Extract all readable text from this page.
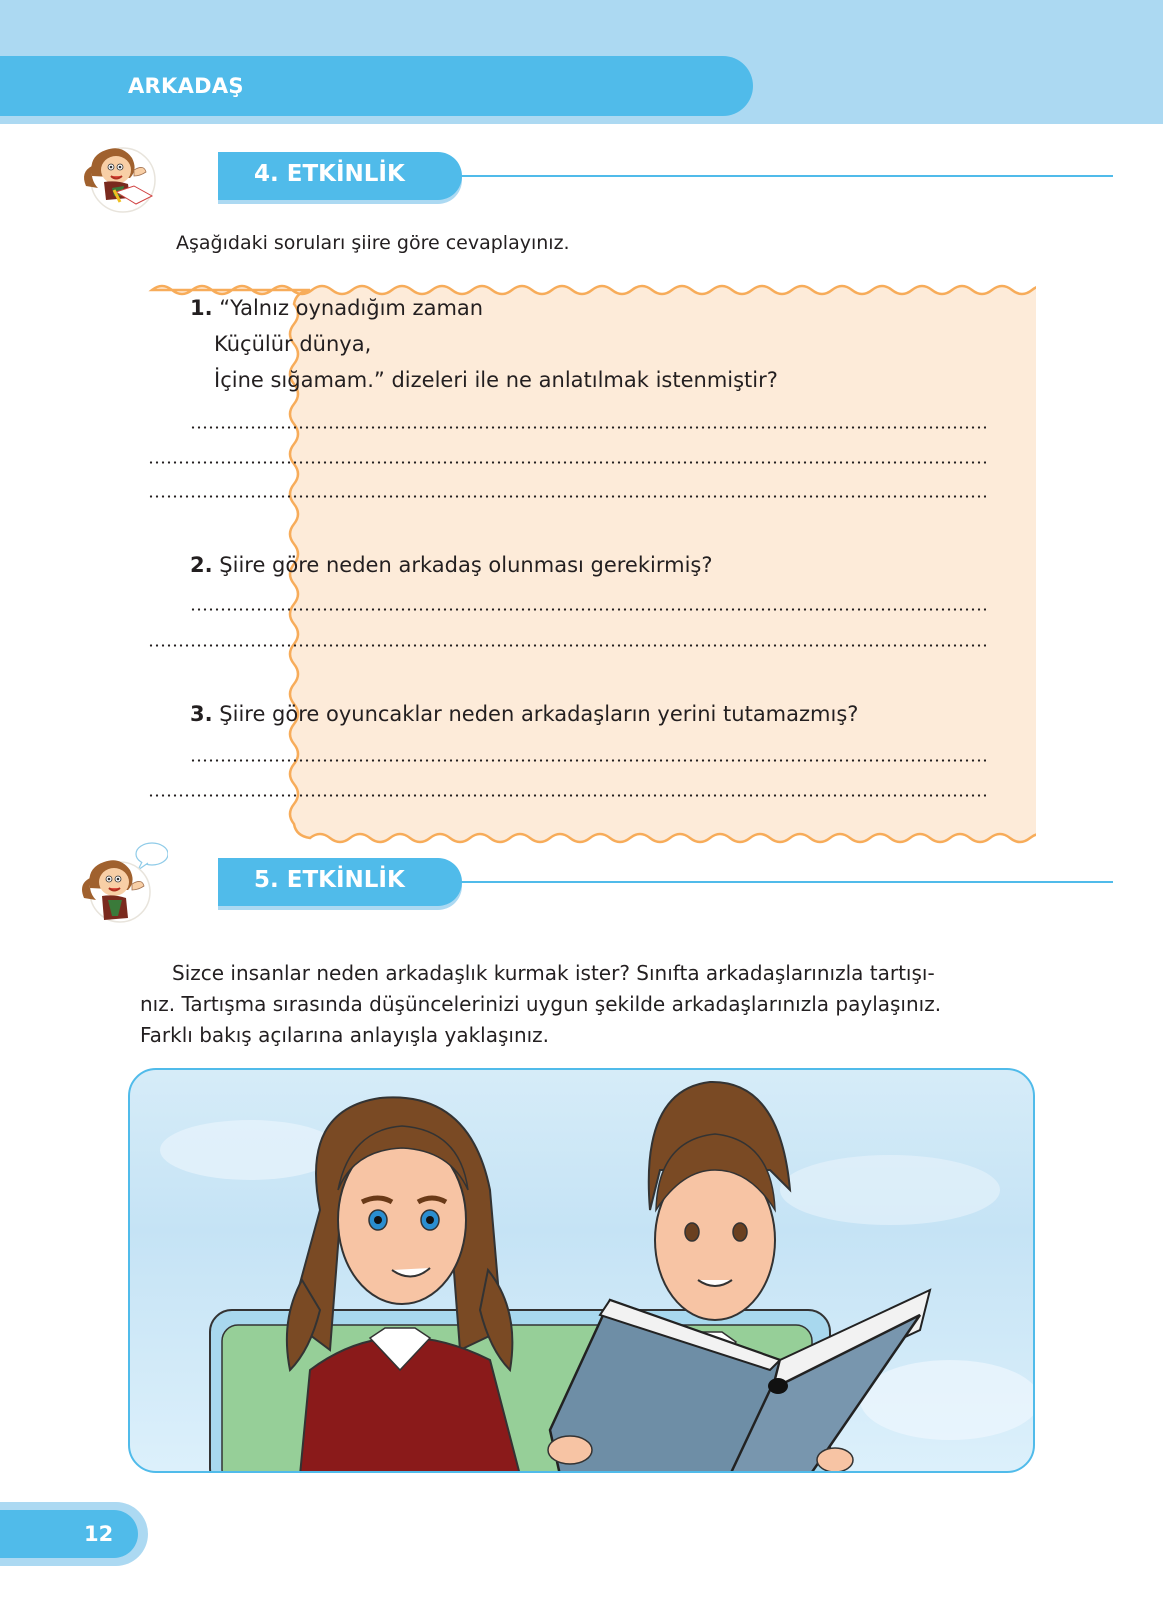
ARKADAŞ
4. ETKİNLİK
Aşağıdaki soruları şiire göre cevaplayınız.
1. “Yalnız oynadığım zaman
Küçülür dünya,
İçine sığamam.” dizeleri ile ne anlatılmak istenmiştir?
2. Şiire göre neden arkadaş olunması gerekirmiş?
3. Şiire göre oyuncaklar neden arkadaşların yerini tutamazmış?
5. ETKİNLİK
Sizce insanlar neden arkadaşlık kurmak ister? Sınıfta arkadaşlarınızla tartışı-
nız. Tartışma sırasında düşüncelerinizi uygun şekilde arkadaşlarınızla paylaşınız.
Farklı bakış açılarına anlayışla yaklaşınız.
12
